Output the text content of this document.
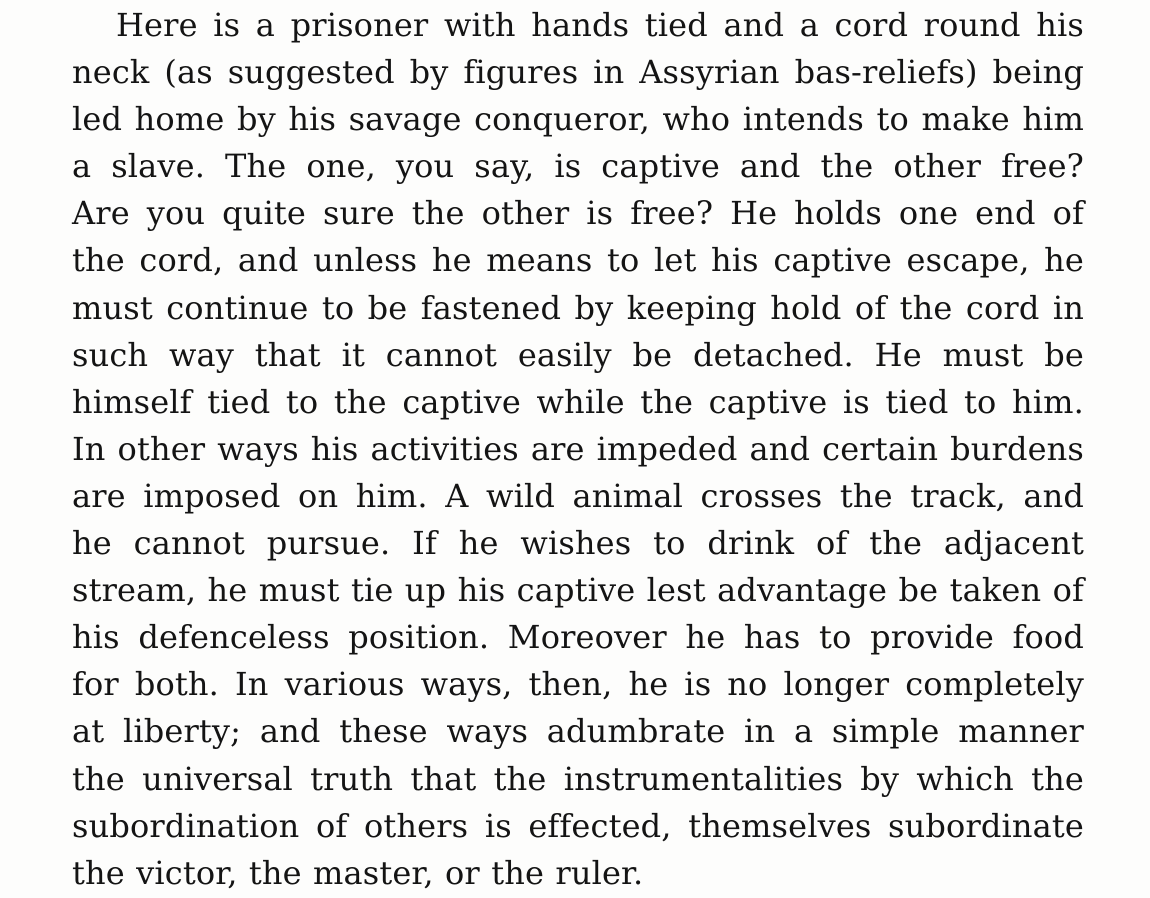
Here is a prisoner with hands tied and a cord round his
neck (as suggested by figures in Assyrian bas-reliefs) being
led home by his savage conqueror, who intends to make him
a slave. The one, you say, is captive and the other free?
Are you quite sure the other is free? He holds one end of
the cord, and unless he means to let his captive escape, he
must continue to be fastened by keeping hold of the cord in
such way that it cannot easily be detached. He must be
himself tied to the captive while the captive is tied to him.
In other ways his activities are impeded and certain burdens
are imposed on him. A wild animal crosses the track, and
he cannot pursue. If he wishes to drink of the adjacent
stream, he must tie up his captive lest advantage be taken of
his defenceless position. Moreover he has to provide food
for both. In various ways, then, he is no longer completely
at liberty; and these ways adumbrate in a simple manner
the universal truth that the instrumentalities by which the
subordination of others is effected, themselves subordinate
the victor, the master, or the ruler.
